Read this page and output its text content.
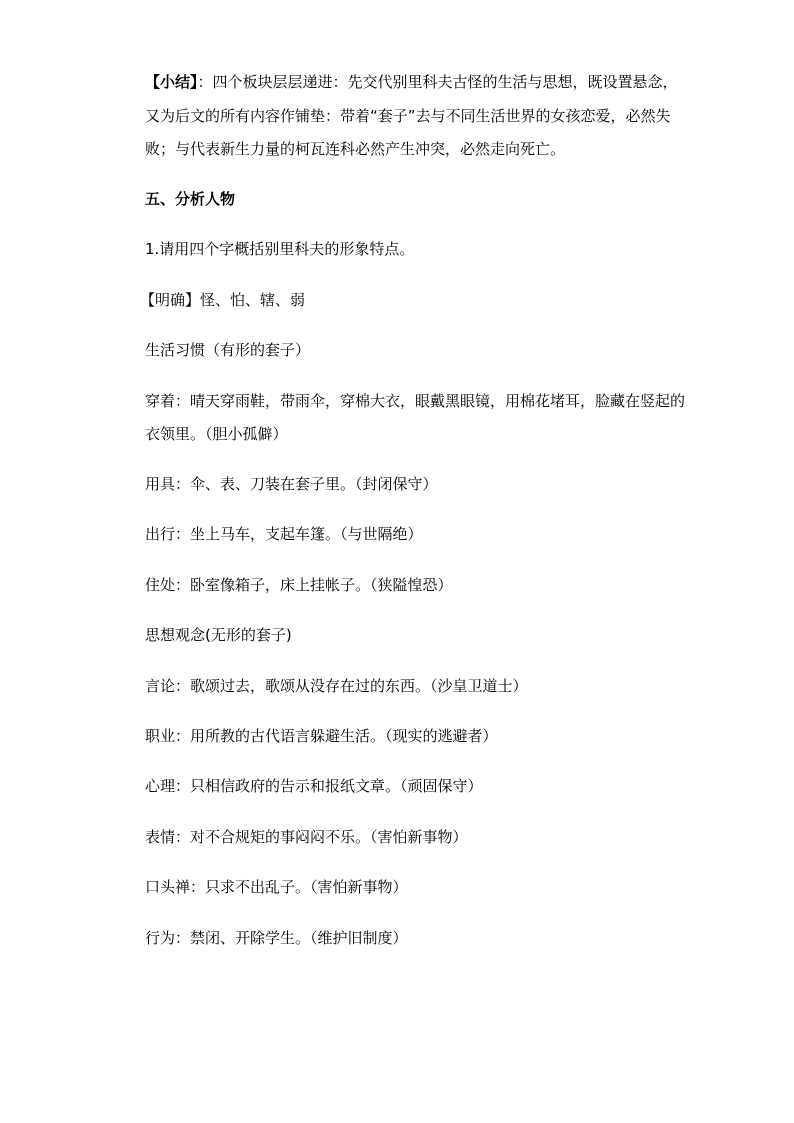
【小结】：四个板块层层递进：先交代别里科夫古怪的生活与思想，既设置悬念，
又为后文的所有内容作铺垫：带着“套子”去与不同生活世界的女孩恋爱，必然失
败；与代表新生力量的柯瓦连科必然产生冲突，必然走向死亡。
五、分析人物
1.请用四个字概括别里科夫的形象特点。
【明确】怪、怕、辖、弱
生活习惯（有形的套子）
穿着：晴天穿雨鞋，带雨伞，穿棉大衣，眼戴黑眼镜，用棉花堵耳，脸藏在竖起的
衣领里。（胆小孤僻）
用具：伞、表、刀装在套子里。（封闭保守）
出行：坐上马车，支起车篷。（与世隔绝）
住处：卧室像箱子，床上挂帐子。（狭隘惶恐）
思想观念(无形的套子)
言论：歌颂过去，歌颂从没存在过的东西。（沙皇卫道士）
职业：用所教的古代语言躲避生活。（现实的逃避者）
心理：只相信政府的告示和报纸文章。（顽固保守）
表情：对不合规矩的事闷闷不乐。（害怕新事物）
口头禅：只求不出乱子。（害怕新事物）
行为：禁闭、开除学生。（维护旧制度）
